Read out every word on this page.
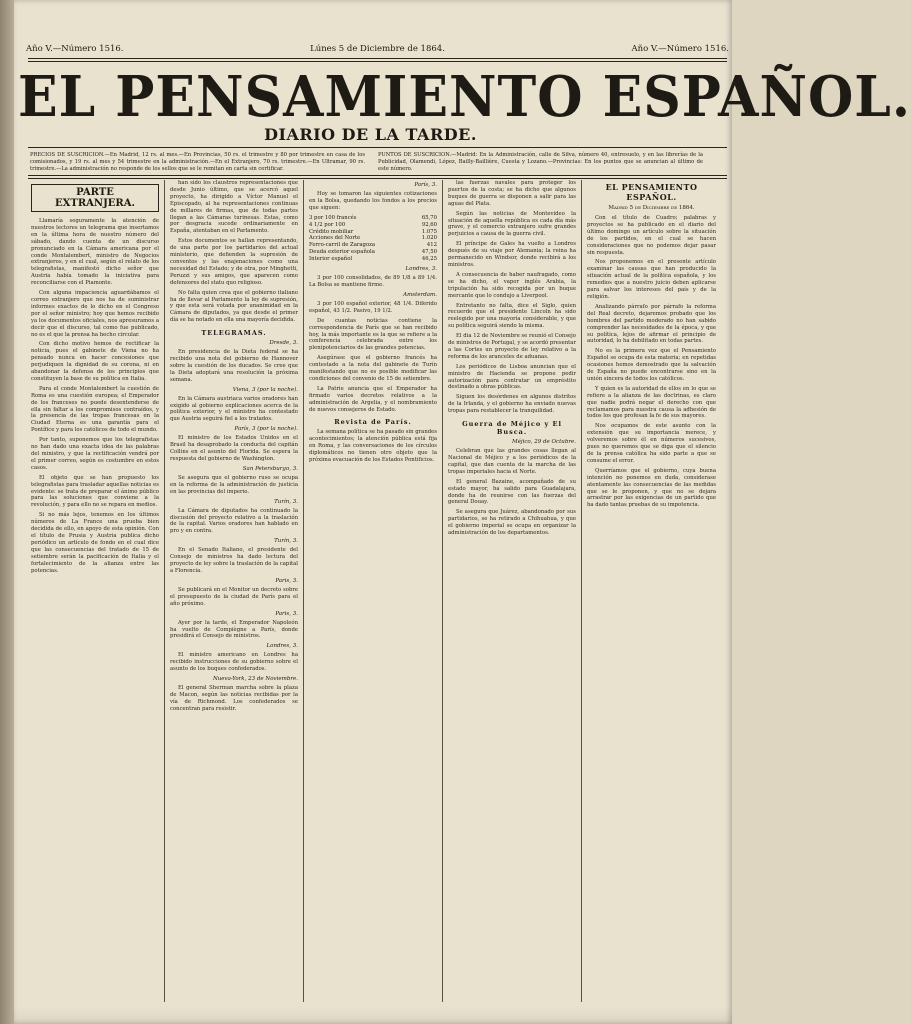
Año V.—Número 1516.	Lúnes 5 de Diciembre de 1864.	Año V.—Número 1516.
EL PENSAMIENTO ESPAÑOL.
DIARIO DE LA TARDE.
PRECIOS DE SUSCRICION.—En Madrid, 12 rs. al mes.—En Provincias, 50 rs. el trimestre y 80 por trimestre en casa de los comisionados, y 19 rs. al mes y 54 trimestre en la administración.—En el Extranjero, 70 rs. trimestre.—En Ultramar, 90 rs. trimestre.—La administración no responde de los sellos que se le remitan en carta sin certificar.
PUNTOS DE SUSCRICION.—Madrid: En la Administración, calle de Silva, número 40, entresuelo, y en las librerías de la Publicidad, Olamendi, López, Bailly-Baillière, Cuesta y Lozano.—Provincias: En los puntos que se anuncian al último de este número.
PARTE EXTRANJERA.

Llamaría seguramente la atención de nuestros lectores un telegrama que insertamos en la última hora de nuestro número del sábado, dando cuenta de un discurso pronunciado en la Cámara americana por el conde Montalembert, ministro de Negocios extranjeros, y en el cual, según el relato de los telegrafistas, manifestó dicho señor que Austria había tomado la iniciativa para reconciliarse con el Piamonte.

Con alguna impaciencia aguardábamos el correo extranjero que nos ha de suministrar informes exactos de lo dicho en el Congreso por el señor ministro; hoy que hemos recibido ya los documentos oficiales, nos apresuramos a decir que el discurso, tal como fue publicado, no es el que la prensa ha hecho circular.

Con dicho motivo hemos de rectificar la noticia, pues el gabinete de Viena no ha pensado nunca en hacer concesiones que perjudiquen la dignidad de su corona, ni en abandonar la defensa de los principios que constituyen la base de su política en Italia.

Para el conde Montalembert la cuestión de Roma es una cuestión europea; el Emperador de los franceses no puede desentenderse de ella sin faltar a los compromisos contraídos, y la presencia de las tropas francesas en la Ciudad Eterna es una garantía para el Pontífice y para los católicos de todo el mundo.

Por tanto, suponemos que los telegrafistas no han dado una exacta idea de las palabras del ministro, y que la rectificación vendrá por el primer correo, según es costumbre en estos casos.

El objeto que se han propuesto los telegrafistas para trasladar aquellas noticias es evidente: se trata de preparar el ánimo público para las soluciones que conviene a la revolución, y para ello no se repara en medios.

Si no más lejos, tenemos en los últimos números de La France una prueba bien decidida de ello, en apoyo de esta opinión. Con el título de Prusia y Austria publica dicho periódico un artículo de fondo en el cual dice que las consecuencias del tratado de 15 de setiembre serán la pacificación de Italia y el fortalecimiento de la alianza entre las potencias.

han sido los claustros representaciones que desde Junio último, que se acercó aquel proyecto, ha dirigido a Víctor Manuel el Episcopado, al ha representaciones continuas de millares de firmas, que de todas partes llegan a las Cámaras turinesas. Estas, como por desgracia sucede ordinariamente en España, atentaban en el Parlamento.

Estos documentos se hallan representando, de una parte por los partidarios del actual ministerio, que defienden la supresión de conventos y las enajenaciones como una necesidad del Estado; y de otra, por Minghetti, Peruzzi y sus amigos, que aparecen como defensores del statu quo religioso.

No falta quien crea que el gobierno italiano ha de llevar al Parlamento la ley de supresión, y que esta será votada por unanimidad en la Cámara de diputados, ya que desde el primer día se ha notado en ella una mayoría decidida.

TELEGRAMAS.
Dresde, 3.

En presidencia de la Dieta federal se ha recibido una nota del gobierno de Hannover sobre la cuestión de los ducados. Se cree que la Dieta adoptará una resolución la próxima semana.

Viena, 3 (por la noche).

En la Cámara austriaca varios oradores han exigido al gobierno explicaciones acerca de la política exterior, y el ministro ha contestado que Austria seguirá fiel a los tratados.

París, 3 (por la noche).

El ministro de los Estados Unidos en el Brasil ha desaprobado la conducta del capitán Collins en el asunto del Florida. Se espera la respuesta del gobierno de Washington.

San Petersburgo, 3.

Se asegura que el gobierno ruso se ocupa en la reforma de la administración de justicia en las provincias del imperio.

Turín, 3.

La Cámara de diputados ha continuado la discusión del proyecto relativo a la traslación de la capital. Varios oradores han hablado en pro y en contra.

Turín, 3.

En el Senado Italiano, el presidente del Consejo de ministros ha dado lectura del proyecto de ley sobre la traslación de la capital a Florencia.

Paris, 3.

Se publicará en el Monitor un decreto sobre el presupuesto de la ciudad de París para el año próximo.

Paris, 3.

Ayer por la tarde, el Emperador Napoleón ha vuelto de Compiègne a París, donde presidirá el Consejo de ministros.

Londres, 3.

El ministro americano en Londres ha recibido instrucciones de su gobierno sobre el asunto de los buques confederados.

Nueva-York, 23 de Noviembre.

El general Sherman marcha sobre la plaza de Macon, según las noticias recibidas por la vía de Richmond. Los confederados se concentran para resistir.

París, 3.

Hoy se tomaron las siguientes cotizaciones en la Bolsa, quedando los fondos a los precios que siguen:

3 por 100 francés	65,70
4 1/2 por 100	92,60
Crédito mobiliar	1.075
Acciones del Norte	1.020
Ferro-carril de Zaragoza	412
Deuda exterior española	47,50
Interior español	46,25
Londres, 3.

3 por 100 consolidados, de 89 1/8 a 89 1/4. La Bolsa se mantiene firme.

Amsterdam.

3 por 100 español exterior, 48 1/4. Diferido español, 43 1/2. Pasivo, 19 1/2.

De cuantas noticias contiene la correspondencia de París que se han recibido hoy, la más importante es la que se refiere a la conferencia celebrada entre los plenipotenciarios de las grandes potencias.

Asegúrase que el gobierno francés ha contestado a la nota del gabinete de Turín manifestando que no es posible modificar las condiciones del convenio de 15 de setiembre.

La Patrie anuncia que el Emperador ha firmado varios decretos relativos a la administración de Argelia, y el nombramiento de nuevos consejeros de Estado.

Revista de París.

La semana política se ha pasado sin grandes acontecimientos; la atención pública está fija en Roma, y las conversaciones de los círculos diplomáticos no tienen otro objeto que la próxima evacuación de los Estados Pontificios.

las fuerzas navales para proteger los puertos de la costa; se ha dicho que algunos buques de guerra se disponen a salir para las aguas del Plata.

Según las noticias de Montevideo la situación de aquella república es cada día más grave, y el comercio extranjero sufre grandes perjuicios a causa de la guerra civil.

El príncipe de Gales ha vuelto a Londres después de su viaje por Alemania; la reina ha permanecido en Windsor, donde recibirá a los ministros.

A consecuencia de haber naufragado, como se ha dicho, el vapor inglés Arabia, la tripulación ha sido recogida por un buque mercante que lo condujo a Liverpool.

Entretanto no falta, dice el Siglo, quien recuerde que el presidente Lincoln ha sido reelegido por una mayoría considerable, y que su política seguirá siendo la misma.

El dia 12 de Noviembre se reunió el Consejo de ministros de Portugal, y se acordó presentar a las Cortes un proyecto de ley relativo a la reforma de los aranceles de aduanas.

Los periódicos de Lisboa anuncian que el ministro de Hacienda se propone pedir autorización para contratar un empréstito destinado a obras públicas.

Siguen los desórdenes en algunos distritos de la Irlanda, y el gobierno ha enviado nuevas tropas para restablecer la tranquilidad.

Guerra de Méjico y El Busca.
Méjico, 29 de Octubre.

Celebran que las grandes cosas llegan al Nacional de Méjico y a los periódicos de la capital, que dan cuenta de la marcha de las tropas imperiales hacia el Norte.

El general Bazaine, acompañado de su estado mayor, ha salido para Guadalajara, donde ha de reunirse con las fuerzas del general Douay.

Se asegura que Juárez, abandonado por sus partidarios, se ha retirado a Chihuahua, y que el gobierno imperial se ocupa en organizar la administración de los departamentos.

EL PENSAMIENTO ESPAÑOL.
Madrid 5 de Diciembre de 1864.

Con el título de Cuadro; palabras y proyectos se ha publicado en el diario del último domingo un artículo sobre la situación de los partidos, en el cual se hacen consideraciones que no podemos dejar pasar sin respuesta.

Nos proponemos en el presente artículo examinar las causas que han producido la situación actual de la política española, y los remedios que a nuestro juicio deben aplicarse para salvar los intereses del país y de la religión.

Analizando párrafo por párrafo la reforma del Real decreto, dejaremos probado que los hombres del partido moderado no han sabido comprender las necesidades de la época, y que su política, lejos de afirmar el principio de autoridad, lo ha debilitado en todas partes.

No es la primera vez que el Pensamiento Español se ocupa de esta materia; en repetidas ocasiones hemos demostrado que la salvación de España no puede encontrarse sino en la unión sincera de todos los católicos.

Y quien es la autoridad de ellos en lo que se refiere a la alianza de las doctrinas, es claro que nadie podrá negar el derecho con que reclamamos para nuestra causa la adhesión de todos los que profesan la fe de sus mayores.

Nos ocupamos de este asunto con la extensión que su importancia merece, y volveremos sobre él en números sucesivos, pues no queremos que se diga que el silencio de la prensa católica ha sido parte a que se consume el error.

Querríamos que el gobierno, cuya buena intención no ponemos en duda, considerase atentamente las consecuencias de las medidas que se le proponen, y que no se dejara arrastrar por las exigencias de un partido que ha dado tantas pruebas de su impotencia.
